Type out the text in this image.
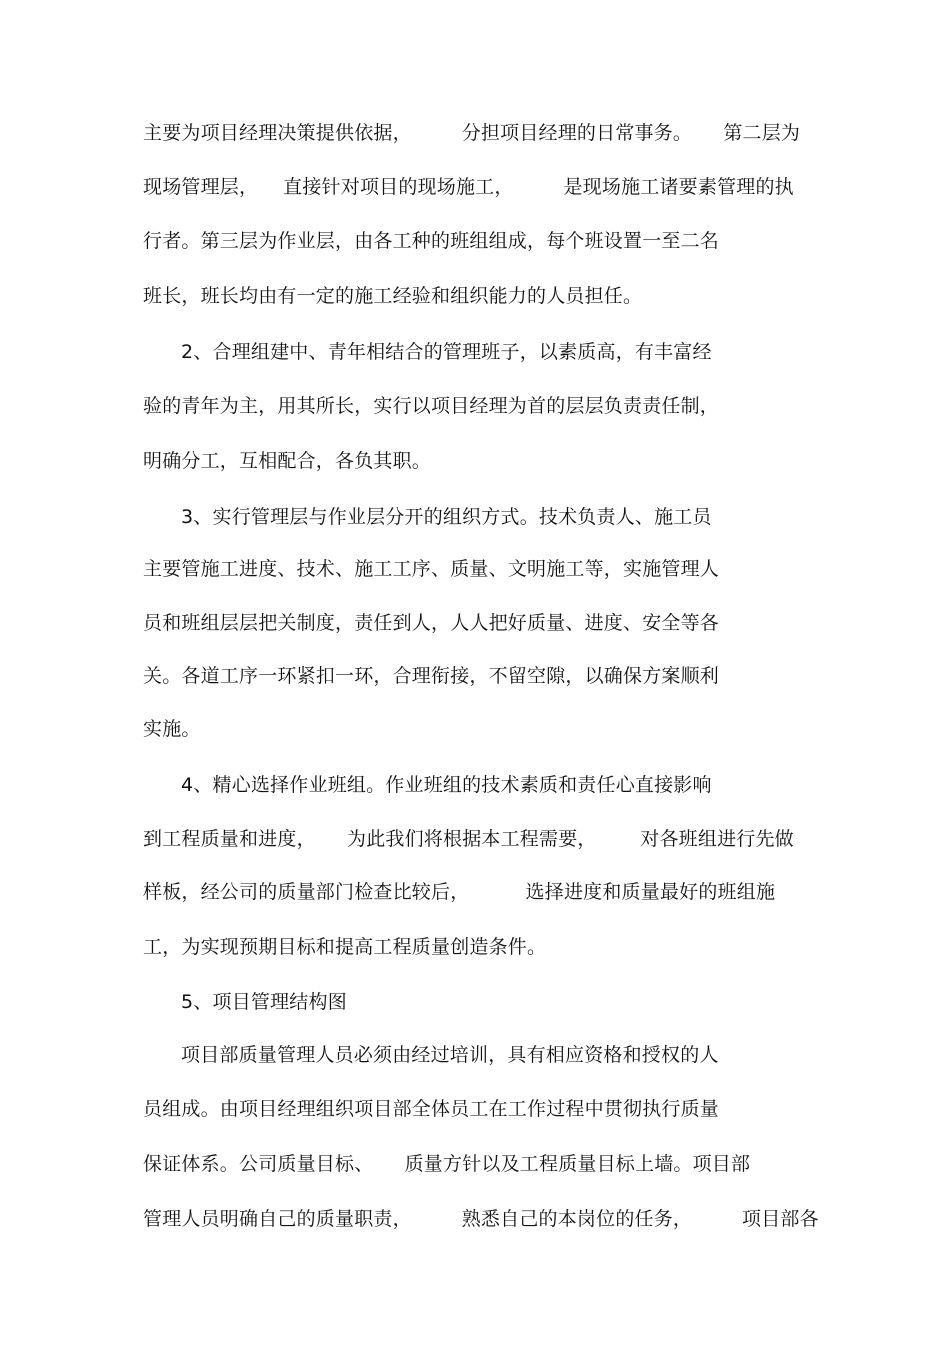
主要为项目经理决策提供依据，        分担项目经理的日常事务。     第二层为
现场管理层，    直接针对项目的现场施工，        是现场施工诸要素管理的执
行者。第三层为作业层，由各工种的班组组成，每个班设置一至二名
班长，班长均由有一定的施工经验和组织能力的人员担任。
2、合理组建中、青年相结合的管理班子，以素质高，有丰富经
验的青年为主，用其所长，实行以项目经理为首的层层负责责任制，
明确分工，互相配合，各负其职。
3、实行管理层与作业层分开的组织方式。技术负责人、施工员
主要管施工进度、技术、施工工序、质量、文明施工等，实施管理人
员和班组层层把关制度，责任到人，人人把好质量、进度、安全等各
关。各道工序一环紧扣一环，合理衔接，不留空隙，以确保方案顺利
实施。
4、精心选择作业班组。作业班组的技术素质和责任心直接影响
到工程质量和进度，     为此我们将根据本工程需要，       对各班组进行先做
样板，经公司的质量部门检查比较后，         选择进度和质量最好的班组施
工，为实现预期目标和提高工程质量创造条件。
5、项目管理结构图
项目部质量管理人员必须由经过培训，具有相应资格和授权的人
员组成。由项目经理组织项目部全体员工在工作过程中贯彻执行质量
保证体系。公司质量目标、     质量方针以及工程质量目标上墙。项目部
管理人员明确自己的质量职责，        熟悉自己的本岗位的任务，        项目部各
